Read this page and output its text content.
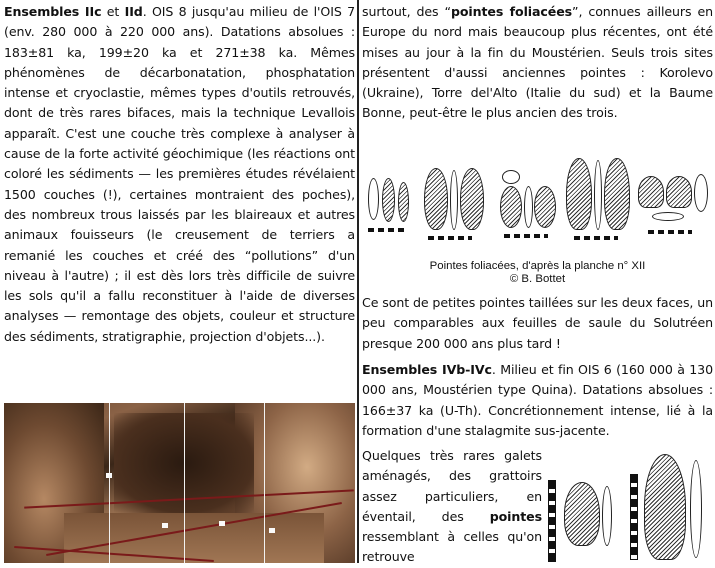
Ensembles IIc et IId. OIS 8 jusqu'au milieu de l'OIS 7 (env. 280 000 à 220 000 ans). Datations absolues : 183±81 ka, 199±20 ka et 271±38 ka. Mêmes phénomènes de décarbonatation, phosphatation intense et cryoclastie, mêmes types d'outils retrouvés, dont de très rares bifaces, mais la technique Levallois apparaît. C'est une couche très complexe à analyser à cause de la forte activité géochimique (les réactions ont coloré les sédiments — les premières études révélaient 1500 couches (!), certaines montraient des poches), des nombreux trous laissés par les blaireaux et autres animaux fouisseurs (le creusement de terriers a remanié les couches et créé des “pollutions” d'un niveau à l'autre) ; il est dès lors très difficile de suivre les sols qu'il a fallu reconstituer à l'aide de diverses analyses — remontage des objets, couleur et structure des sédiments, stratigraphie, projection d'objets...).

surtout, des “pointes foliacées”, connues ailleurs en Europe du nord mais beaucoup plus récentes, ont été mises au jour à la fin du Moustérien. Seuls trois sites présentent d'aussi anciennes pointes : Korolevo (Ukraine), Torre del'Alto (Italie du sud) et la Baume Bonne, peut-être le plus ancien des trois.

Pointes foliacées, d'après la planche n° XII
© B. Bottet

Ce sont de petites pointes taillées sur les deux faces, un peu comparables aux feuilles de saule du Solutréen presque 200 000 ans plus tard !

Ensembles IVb-IVc. Milieu et fin OIS 6 (160 000 à 130 000 ans, Moustérien type Quina). Datations absolues : 166±37 ka (U-Th). Concrétionnement intense, lié à la formation d'une stalagmite sus-jacente.

Quelques très rares galets aménagés, des grattoirs assez particuliers, en éventail, des pointes ressemblant à celles qu'on retrouve
